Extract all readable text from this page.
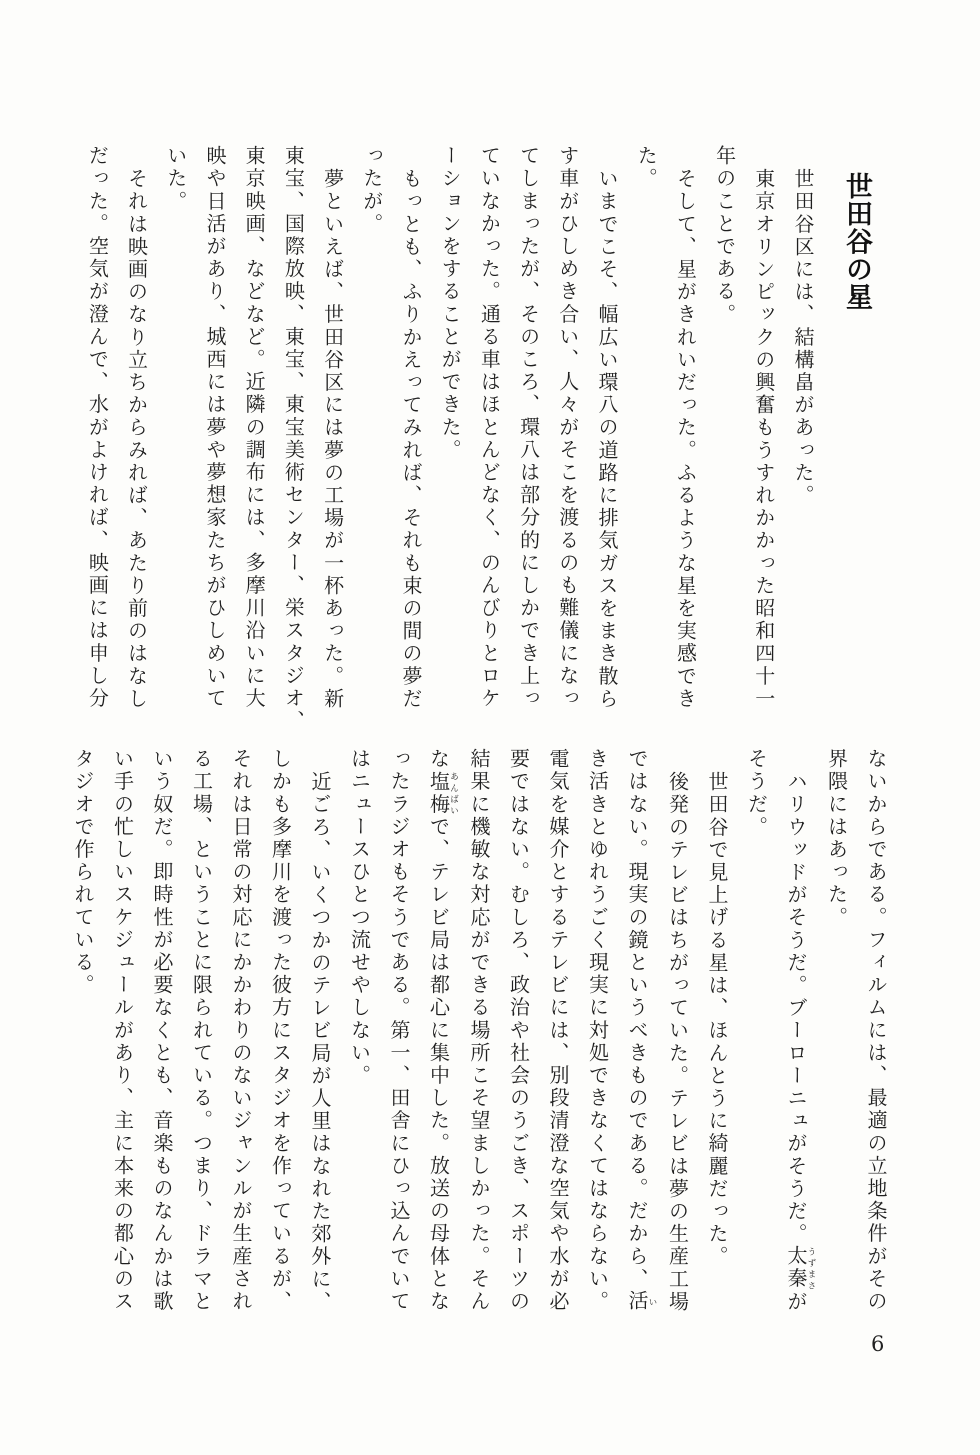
世田谷の星
世田谷区には、結構畠があった。
東京オリンピックの興奮もうすれかかった昭和四十一
年のことである。
そして、星がきれいだった。ふるような星を実感でき
た。
いまでこそ、幅広い環八の道路に排気ガスをまき散ら
す車がひしめき合い、人々がそこを渡るのも難儀になっ
てしまったが、そのころ、環八は部分的にしかでき上っ
ていなかった。通る車はほとんどなく、のんびりとロケ
ーションをすることができた。
もっとも、ふりかえってみれば、それも束の間の夢だ
ったが。
夢といえば、世田谷区には夢の工場が一杯あった。新
東宝、国際放映、東宝、東宝美術センター、栄スタジオ、
東京映画、などなど。近隣の調布には、多摩川沿いに大
映や日活があり、城西には夢や夢想家たちがひしめいて
いた。
それは映画のなり立ちからみれば、あたり前のはなし
だった。空気が澄んで、水がよければ、映画には申し分
ないからである。フィルムには、最適の立地条件がその
界隈にはあった。
ハリウッドがそうだ。ブーローニュがそうだ。太秦うずまさが
そうだ。
世田谷で見上げる星は、ほんとうに綺麗だった。
後発のテレビはちがっていた。テレビは夢の生産工場
ではない。現実の鏡というべきものである。だから、活い
き活きとゆれうごく現実に対処できなくてはならない。
電気を媒介とするテレビには、別段清澄な空気や水が必
要ではない。むしろ、政治や社会のうごき、スポーツの
結果に機敏な対応ができる場所こそ望ましかった。そん
な塩梅あんばいで、テレビ局は都心に集中した。放送の母体とな
ったラジオもそうである。第一、田舎にひっ込んでいて
はニュースひとつ流せやしない。
近ごろ、いくつかのテレビ局が人里はなれた郊外に、
しかも多摩川を渡った彼方にスタジオを作っているが、
それは日常の対応にかかわりのないジャンルが生産され
る工場、ということに限られている。つまり、ドラマと
いう奴だ。即時性が必要なくとも、音楽ものなんかは歌
い手の忙しいスケジュールがあり、主に本来の都心のス
タジオで作られている。
6
